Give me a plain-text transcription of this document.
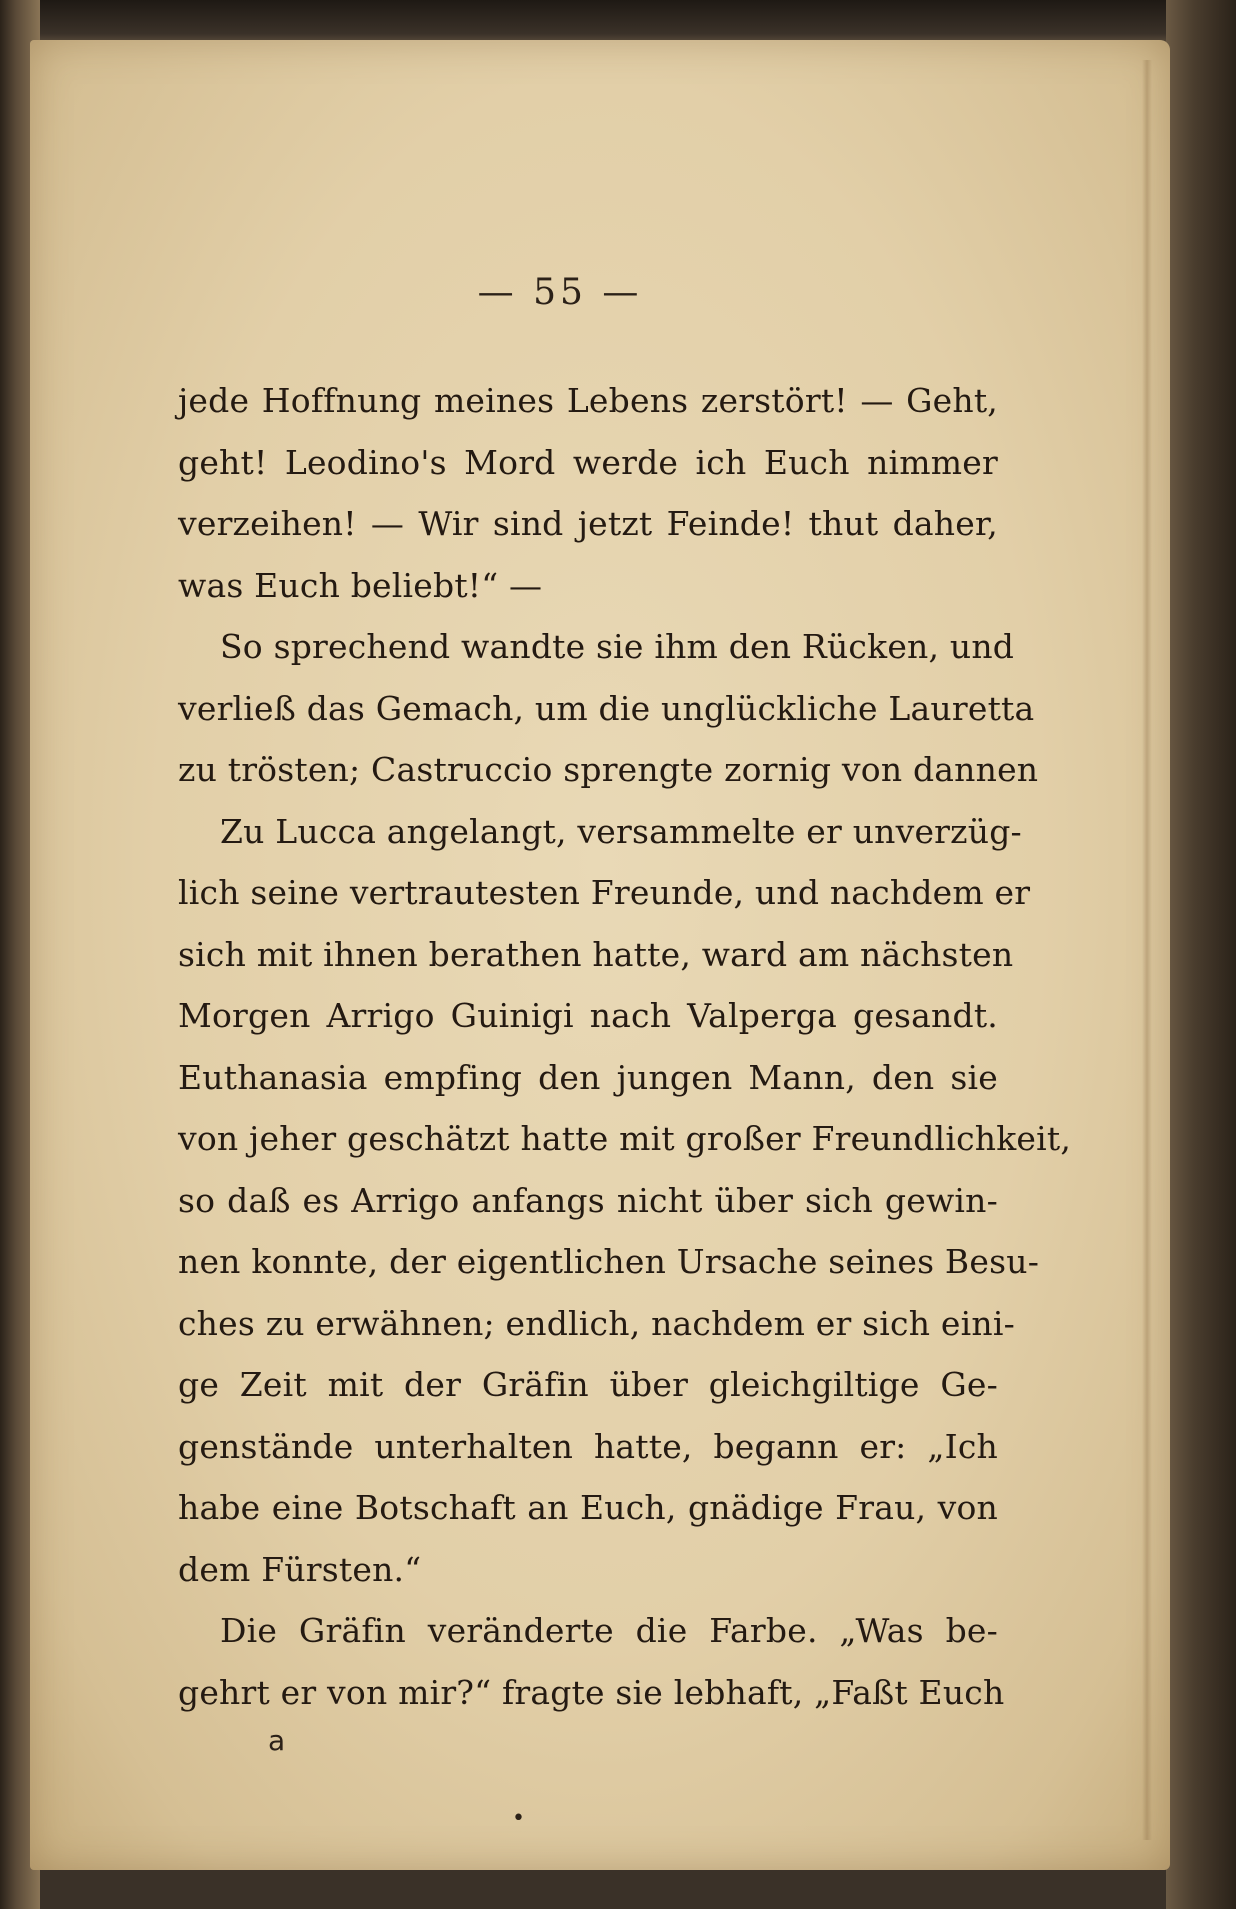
— 55 —
jede Hoffnung meines Lebens zerstört! — Geht,
geht! Leodino's Mord werde ich Euch nimmer
verzeihen! — Wir sind jetzt Feinde! thut daher,
was Euch beliebt!“ —
So sprechend wandte sie ihm den Rücken, und
verließ das Gemach, um die unglückliche Lauretta
zu trösten; Castruccio sprengte zornig von dannen
Zu Lucca angelangt, versammelte er unverzüg-
lich seine vertrautesten Freunde, und nachdem er
sich mit ihnen berathen hatte, ward am nächsten
Morgen Arrigo Guinigi nach Valperga gesandt.
Euthanasia empfing den jungen Mann, den sie
von jeher geschätzt hatte mit großer Freundlichkeit,
so daß es Arrigo anfangs nicht über sich gewin-
nen konnte, der eigentlichen Ursache seines Besu-
ches zu erwähnen; endlich, nachdem er sich eini-
ge Zeit mit der Gräfin über gleichgiltige Ge-
genstände unterhalten hatte, begann er: „Ich
habe eine Botschaft an Euch, gnädige Frau, von
dem Fürsten.“
Die Gräfin veränderte die Farbe. „Was be-
gehrt er von mir?“ fragte sie lebhaft, „Faßt Euch
a
•
